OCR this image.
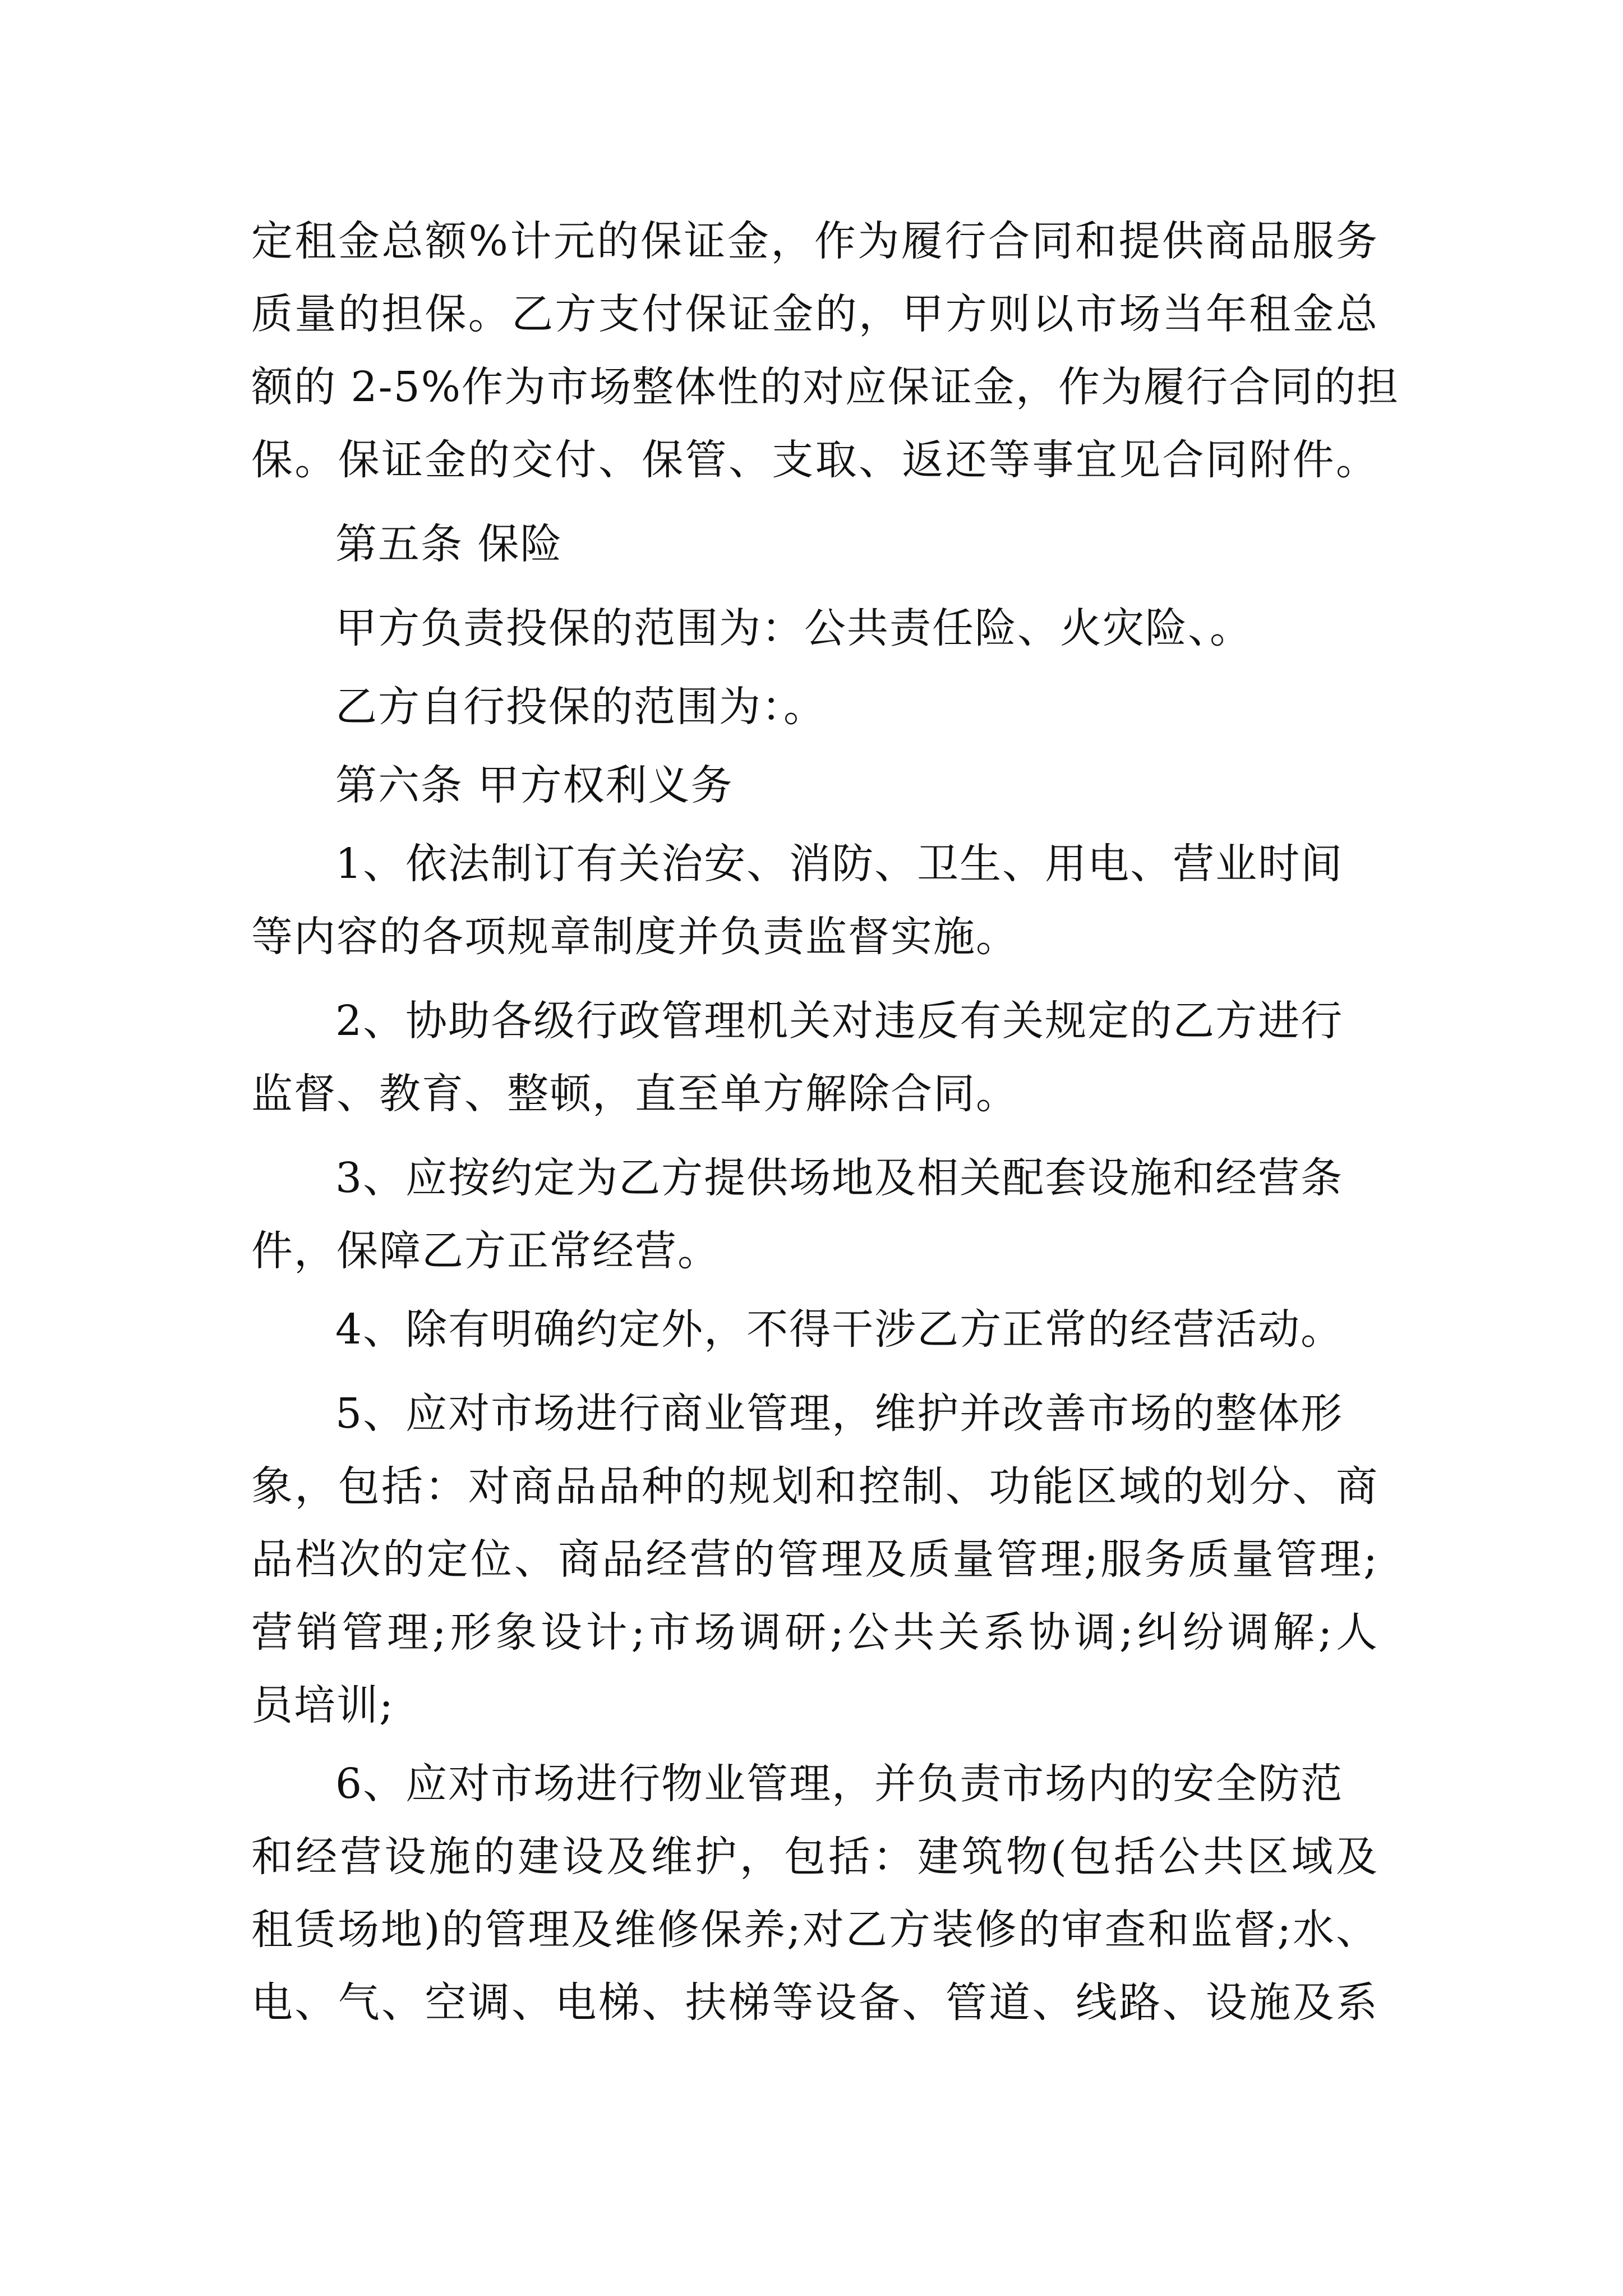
定租金总额%计元的保证金，作为履行合同和提供商品服务
质量的担保。乙方支付保证金的，甲方则以市场当年租金总
额的 2-5%作为市场整体性的对应保证金，作为履行合同的担
保。保证金的交付、保管、支取、返还等事宜见合同附件。
第五条 保险
甲方负责投保的范围为：公共责任险、火灾险、。
乙方自行投保的范围为：。
第六条 甲方权利义务
1、依法制订有关治安、消防、卫生、用电、营业时间
等内容的各项规章制度并负责监督实施。
2、协助各级行政管理机关对违反有关规定的乙方进行
监督、教育、整顿，直至单方解除合同。
3、应按约定为乙方提供场地及相关配套设施和经营条
件，保障乙方正常经营。
4、除有明确约定外，不得干涉乙方正常的经营活动。
5、应对市场进行商业管理，维护并改善市场的整体形
象，包括：对商品品种的规划和控制、功能区域的划分、商
品档次的定位、商品经营的管理及质量管理;服务质量管理;
营销管理;形象设计;市场调研;公共关系协调;纠纷调解;人
员培训;
6、应对市场进行物业管理，并负责市场内的安全防范
和经营设施的建设及维护，包括：建筑物(包括公共区域及
租赁场地)的管理及维修保养;对乙方装修的审查和监督;水、
电、气、空调、电梯、扶梯等设备、管道、线路、设施及系
